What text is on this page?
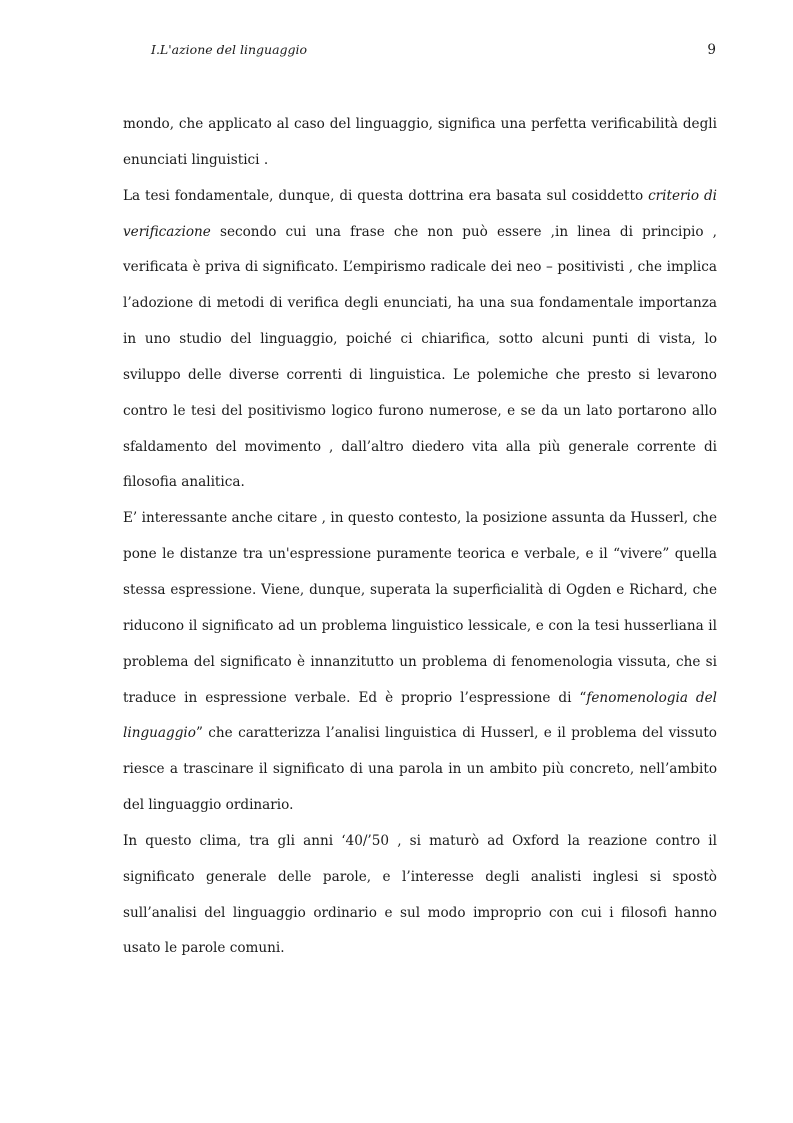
I.L'azione del linguaggio	9

mondo, che applicato al caso del linguaggio, significa una perfetta verificabilità degli enunciati linguistici .

La tesi fondamentale, dunque, di questa dottrina era basata sul cosiddetto criterio di verificazione secondo cui una frase che non può essere ,in linea di principio , verificata è priva di significato. L’empirismo radicale dei neo – positivisti , che implica l’adozione di metodi di verifica degli enunciati, ha una sua fondamentale importanza in uno studio del linguaggio, poiché ci chiarifica, sotto alcuni punti di vista, lo sviluppo delle diverse correnti di linguistica. Le polemiche che presto si levarono contro le tesi del positivismo logico furono numerose, e se da un lato portarono allo sfaldamento del movimento , dall’altro diedero vita alla più generale corrente di filosofia analitica.

E’ interessante anche citare , in questo contesto, la posizione assunta da Husserl, che pone le distanze tra un'espressione puramente teorica e verbale, e il “vivere” quella stessa espressione. Viene, dunque, superata la superficialità di Ogden e Richard, che riducono il significato ad un problema linguistico lessicale, e con la tesi husserliana il problema del significato è innanzitutto un problema di fenomenologia vissuta, che si traduce in espressione verbale. Ed è proprio l’espressione di “fenomenologia del linguaggio” che caratterizza l’analisi linguistica di Husserl, e il problema del vissuto riesce a trascinare il significato di una parola in un ambito più concreto, nell’ambito del linguaggio ordinario.

In questo clima, tra gli anni ‘40/’50 , si maturò ad Oxford la reazione contro il significato generale delle parole, e l’interesse degli analisti inglesi si spostò sull’analisi del linguaggio ordinario e sul modo improprio con cui i filosofi hanno usato le parole comuni.
